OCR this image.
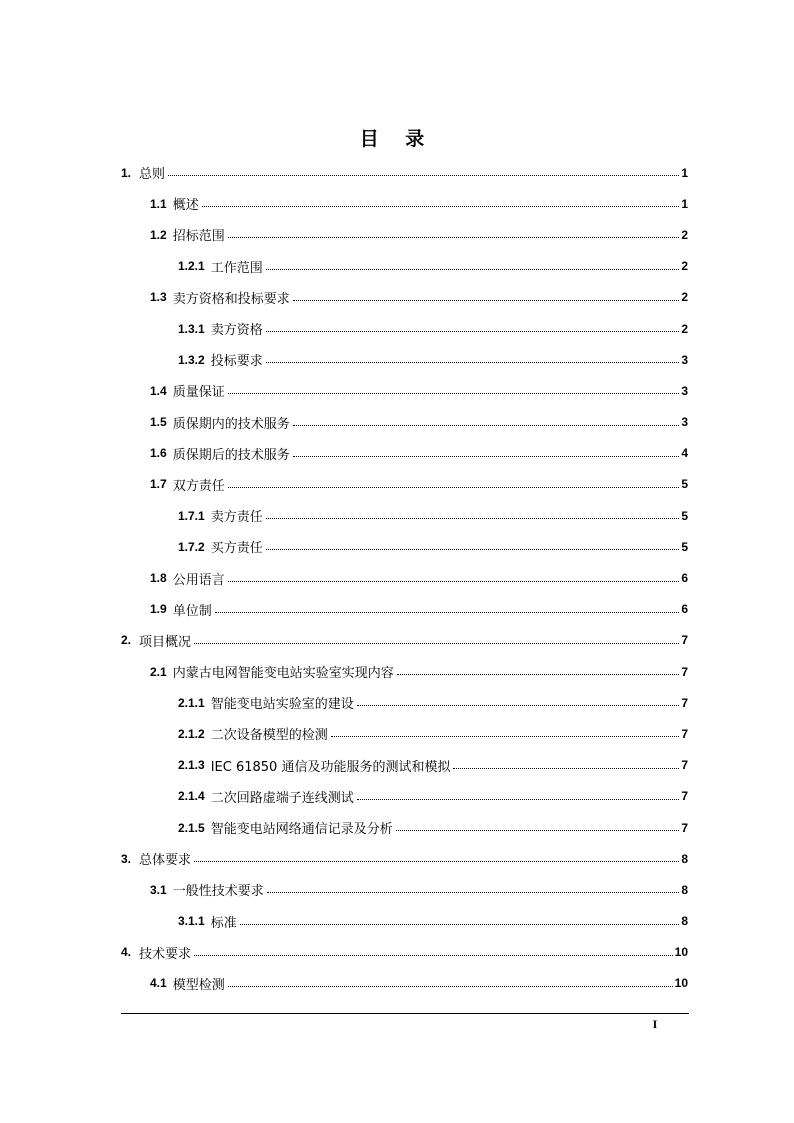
目 录
1. 总则	1
1.1 概述	1
1.2 招标范围	2
1.2.1 工作范围	2
1.3 卖方资格和投标要求	2
1.3.1 卖方资格	2
1.3.2 投标要求	3
1.4 质量保证	3
1.5 质保期内的技术服务	3
1.6 质保期后的技术服务	4
1.7 双方责任	5
1.7.1 卖方责任	5
1.7.2 买方责任	5
1.8 公用语言	6
1.9 单位制	6
2. 项目概况	7
2.1 内蒙古电网智能变电站实验室实现内容	7
2.1.1 智能变电站实验室的建设	7
2.1.2 二次设备模型的检测	7
2.1.3 IEC 61850 通信及功能服务的测试和模拟	7
2.1.4 二次回路虚端子连线测试	7
2.1.5 智能变电站网络通信记录及分析	7
3. 总体要求	8
3.1 一般性技术要求	8
3.1.1 标准	8
4. 技术要求	10
4.1 模型检测	10
I
